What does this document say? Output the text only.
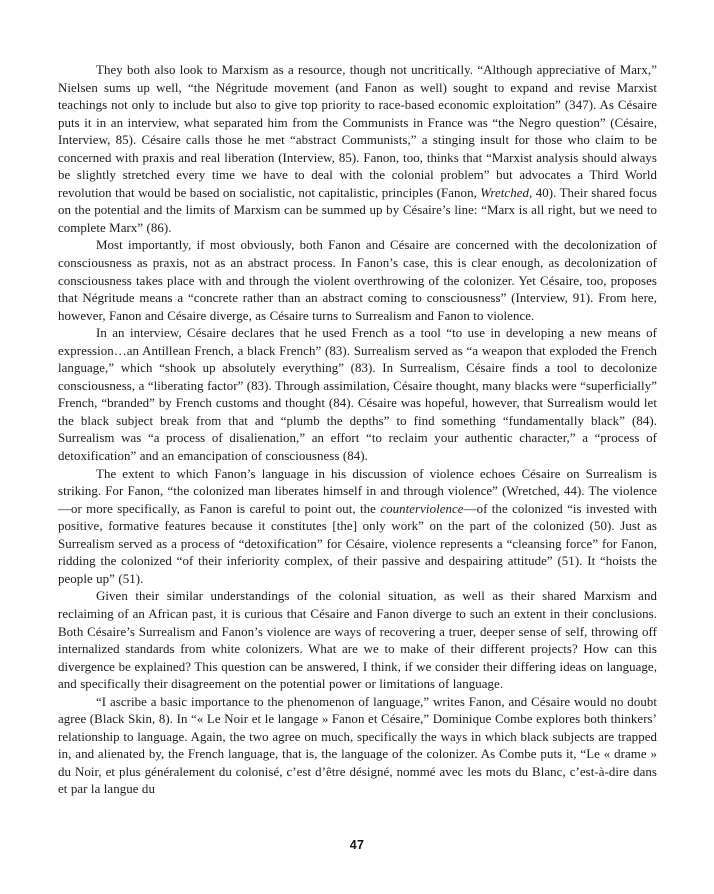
They both also look to Marxism as a resource, though not uncritically. “Although appreciative of Marx,” Nielsen sums up well, “the Négritude movement (and Fanon as well) sought to expand and revise Marxist teachings not only to include but also to give top priority to race-based economic exploitation” (347). As Césaire puts it in an interview, what separated him from the Communists in France was “the Negro question” (Césaire, Interview, 85). Césaire calls those he met “abstract Communists,” a stinging insult for those who claim to be concerned with praxis and real liberation (Interview, 85). Fanon, too, thinks that “Marxist analysis should always be slightly stretched every time we have to deal with the colonial problem” but advocates a Third World revolution that would be based on socialistic, not capitalistic, principles (Fanon, Wretched, 40). Their shared focus on the potential and the limits of Marxism can be summed up by Césaire’s line: “Marx is all right, but we need to complete Marx” (86).

Most importantly, if most obviously, both Fanon and Césaire are concerned with the decolonization of consciousness as praxis, not as an abstract process. In Fanon’s case, this is clear enough, as decolonization of consciousness takes place with and through the violent overthrowing of the colonizer. Yet Césaire, too, proposes that Négritude means a “concrete rather than an abstract coming to consciousness” (Interview, 91). From here, however, Fanon and Césaire diverge, as Césaire turns to Surrealism and Fanon to violence.

In an interview, Césaire declares that he used French as a tool “to use in developing a new means of expression…an Antillean French, a black French” (83). Surrealism served as “a weapon that exploded the French language,” which “shook up absolutely everything” (83). In Surrealism, Césaire finds a tool to decolonize consciousness, a “liberating factor” (83). Through assimilation, Césaire thought, many blacks were “superficially” French, “branded” by French customs and thought (84). Césaire was hopeful, however, that Surrealism would let the black subject break from that and “plumb the depths” to find something “fundamentally black” (84). Surrealism was “a process of disalienation,” an effort “to reclaim your authentic character,” a “process of detoxification” and an emancipation of consciousness (84).

The extent to which Fanon’s language in his discussion of violence echoes Césaire on Surrealism is striking. For Fanon, “the colonized man liberates himself in and through violence” (Wretched, 44). The violence—or more specifically, as Fanon is careful to point out, the counterviolence—of the colonized “is invested with positive, formative features because it constitutes [the] only work” on the part of the colonized (50). Just as Surrealism served as a process of “detoxification” for Césaire, violence represents a “cleansing force” for Fanon, ridding the colonized “of their inferiority complex, of their passive and despairing attitude” (51). It “hoists the people up” (51).

Given their similar understandings of the colonial situation, as well as their shared Marxism and reclaiming of an African past, it is curious that Césaire and Fanon diverge to such an extent in their conclusions. Both Césaire’s Surrealism and Fanon’s violence are ways of recovering a truer, deeper sense of self, throwing off internalized standards from white colonizers. What are we to make of their different projects? How can this divergence be explained? This question can be answered, I think, if we consider their differing ideas on language, and specifically their disagreement on the potential power or limitations of language.

“I ascribe a basic importance to the phenomenon of language,” writes Fanon, and Césaire would no doubt agree (Black Skin, 8). In “« Le Noir et le langage » Fanon et Césaire,” Dominique Combe explores both thinkers’ relationship to language. Again, the two agree on much, specifically the ways in which black subjects are trapped in, and alienated by, the French language, that is, the language of the colonizer. As Combe puts it, “Le « drame » du Noir, et plus généralement du colonisé, c’est d’être désigné, nommé avec les mots du Blanc, c’est-à-dire dans et par la langue du

47
